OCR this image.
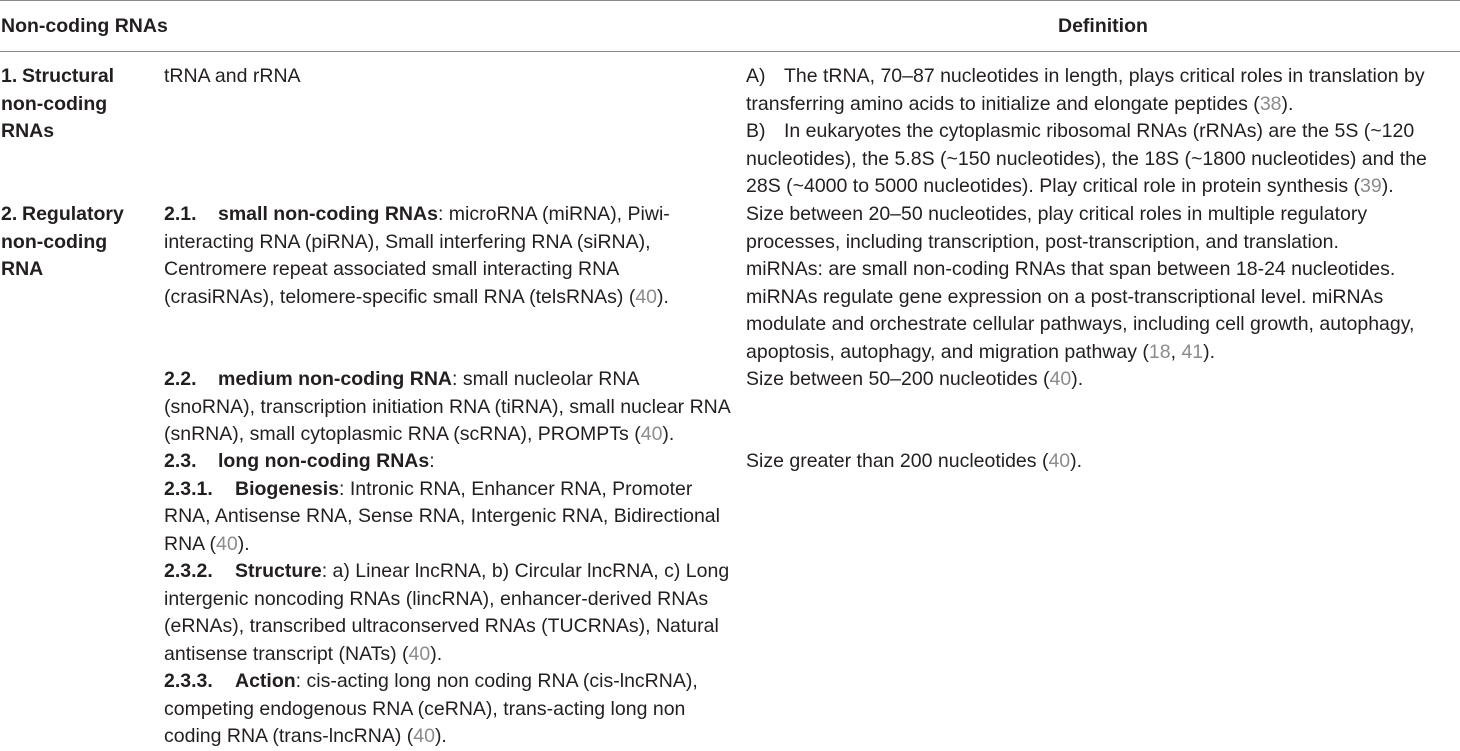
Non-coding RNAs	Definition
1. Structural
non-coding
RNAs
tRNA and rRNA	A) The tRNA, 70–87 nucleotides in length, plays critical roles in translation by
transferring amino acids to initialize and elongate peptides (38).
B) In eukaryotes the cytoplasmic ribosomal RNAs (rRNAs) are the 5S (~120
nucleotides), the 5.8S (~150 nucleotides), the 18S (~1800 nucleotides) and the
28S (~4000 to 5000 nucleotides). Play critical role in protein synthesis (39).
2. Regulatory
non-coding
RNA
2.1. small non-coding RNAs: microRNA (miRNA), Piwi-
interacting RNA (piRNA), Small interfering RNA (siRNA),
Centromere repeat associated small interacting RNA
(crasiRNAs), telomere-specific small RNA (telsRNAs) (40).
Size between 20–50 nucleotides, play critical roles in multiple regulatory
processes, including transcription, post-transcription, and translation.
miRNAs: are small non-coding RNAs that span between 18-24 nucleotides.
miRNAs regulate gene expression on a post-transcriptional level. miRNAs
modulate and orchestrate cellular pathways, including cell growth, autophagy,
apoptosis, autophagy, and migration pathway (18, 41).
2.2. medium non-coding RNA: small nucleolar RNA
(snoRNA), transcription initiation RNA (tiRNA), small nuclear RNA
(snRNA), small cytoplasmic RNA (scRNA), PROMPTs (40).
Size between 50–200 nucleotides (40).
2.3. long non-coding RNAs:
2.3.1. Biogenesis: Intronic RNA, Enhancer RNA, Promoter
RNA, Antisense RNA, Sense RNA, Intergenic RNA, Bidirectional
RNA (40).
2.3.2. Structure: a) Linear lncRNA, b) Circular lncRNA, c) Long
intergenic noncoding RNAs (lincRNA), enhancer-derived RNAs
(eRNAs), transcribed ultraconserved RNAs (TUCRNAs), Natural
antisense transcript (NATs) (40).
2.3.3. Action: cis-acting long non coding RNA (cis-lncRNA),
competing endogenous RNA (ceRNA), trans-acting long non
coding RNA (trans-lncRNA) (40).
Size greater than 200 nucleotides (40).
